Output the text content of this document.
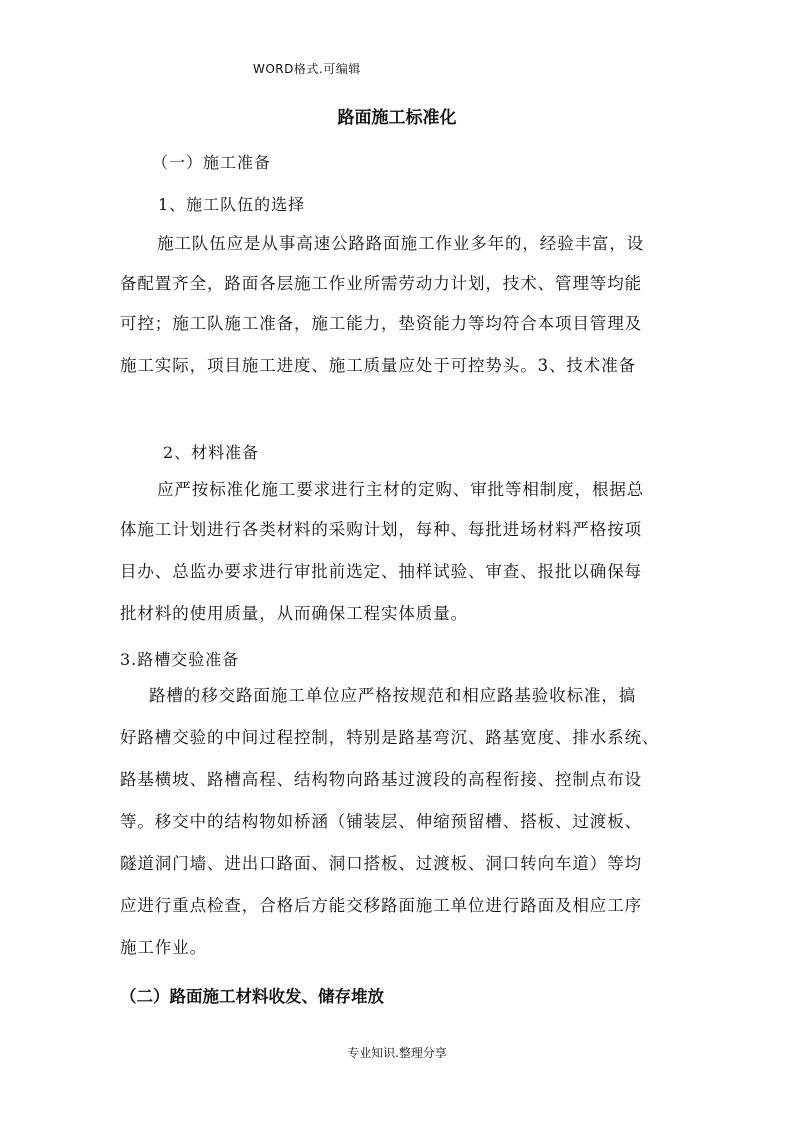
WORD格式.可编辑
路面施工标准化
（一）施工准备
1、施工队伍的选择
施工队伍应是从事高速公路路面施工作业多年的，经验丰富，设
备配置齐全，路面各层施工作业所需劳动力计划，技术、管理等均能
可控；施工队施工准备，施工能力，垫资能力等均符合本项目管理及
施工实际，项目施工进度、施工质量应处于可控势头。3、技术准备
2、材料准备
应严按标准化施工要求进行主材的定购、审批等相制度，根据总
体施工计划进行各类材料的采购计划，每种、每批进场材料严格按项
目办、总监办要求进行审批前选定、抽样试验、审查、报批以确保每
批材料的使用质量，从而确保工程实体质量。
3.路槽交验准备
路槽的移交路面施工单位应严格按规范和相应路基验收标准，搞
好路槽交验的中间过程控制，特别是路基弯沉、路基宽度、排水系统、
路基横坡、路槽高程、结构物向路基过渡段的高程衔接、控制点布设
等。移交中的结构物如桥涵（铺装层、伸缩预留槽、搭板、过渡板、
隧道洞门墙、进出口路面、洞口搭板、过渡板、洞口转向车道）等均
应进行重点检查，合格后方能交移路面施工单位进行路面及相应工序
施工作业。
（二）路面施工材料收发、储存堆放
专业知识.整理分享
